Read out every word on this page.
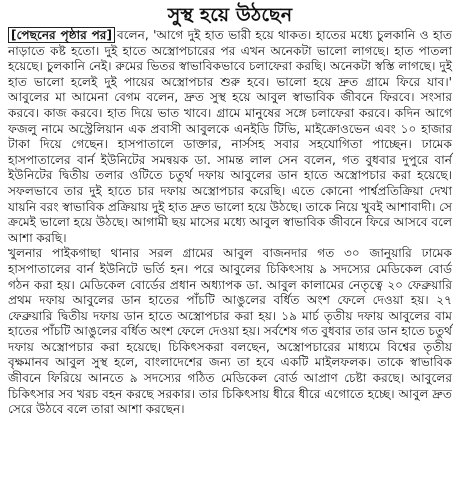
সুস্থ হয়ে উঠছেন

[পেছনের পৃষ্ঠার পর] বলেন, 'আগে দুই হাত ভারী হয়ে থাকত। হাতের মধ্যে চুলকানি ও হাত নাড়াতে কষ্ট হতো। দুই হাতে অস্ত্রোপচারের পর এখন অনেকটা ভালো লাগছে। হাত পাতলা হয়েছে। চুলকানি নেই। রুমের ভিতর স্বাভাবিকভাবে চলাফেরা করছি। অনেকটা স্বস্তি লাগছে। দুই হাত ভালো হলেই দুই পায়ের অস্ত্রোপচার শুরু হবে। ভালো হয়ে দ্রুত গ্রামে ফিরে যাব।' আবুলের মা আমেনা বেগম বলেন, দ্রুত সুস্থ হয়ে আবুল স্বাভাবিক জীবনে ফিরবে। সংসার করবে। কাজ করবে। হাত দিয়ে ভাত খাবে। গ্রামে মানুষের সঙ্গে চলাফেরা করবে। কদিন আগে ফজলু নামে অস্ট্রেলিয়ান এক প্রবাসী আবুলকে এনইডি টিভি, মাইক্রোওভেন এবং ১০ হাজার টাকা দিয়ে গেছেন। হাসপাতালে ডাক্তার, নার্সসহ সবার সহযোগিতা পাচ্ছেন। ঢামেক হাসপাতালের বার্ন ইউনিটের সমন্বয়ক ডা. সামন্ত লাল সেন বলেন, গত বুধবার দুপুরে বার্ন ইউনিটের দ্বিতীয় তলার ওটিতে চতুর্থ দফায় আবুলের ডান হাতে অস্ত্রোপচার করা হয়েছে। সফলভাবে তার দুই হাতে চার দফায় অস্ত্রোপচার করেছি। এতে কোনো পার্শ্বপ্রতিক্রিয়া দেখা যায়নি বরং স্বাভাবিক প্রক্রিয়ায় দুই হাত দ্রুত ভালো হয়ে উঠছে। তাকে নিয়ে খুবই আশাবাদী। সে ক্রমেই ভালো হয়ে উঠছে। আগামী ছয় মাসের মধ্যে আবুল স্বাভাবিক জীবনে ফিরে আসবে বলে আশা করছি।

খুলনার পাইকগাছা থানার সরল গ্রামের আবুল বাজনদার গত ৩০ জানুয়ারি ঢামেক হাসপাতালের বার্ন ইউনিটে ভর্তি হন। পরে আবুলের চিকিৎসায় ৯ সদস্যের মেডিকেল বোর্ড গঠন করা হয়। মেডিকেল বোর্ডের প্রধান অধ্যাপক ডা. আবুল কালামের নেতৃত্বে ২০ ফেব্রুয়ারি প্রথম দফায় আবুলের ডান হাতের পাঁচটি আঙুলের বর্ধিত অংশ ফেলে দেওয়া হয়। ২৭ ফেব্রুয়ারি দ্বিতীয় দফায় ডান হাতে অস্ত্রোপচার করা হয়। ১৯ মার্চ তৃতীয় দফায় আবুলের বাম হাতের পাঁচটি আঙুলের বর্ধিত অংশ ফেলে দেওয়া হয়। সর্বশেষ গত বুধবার তার ডান হাতে চতুর্থ দফায় অস্ত্রোপচার করা হয়েছে। চিকিৎসকরা বলছেন, অস্ত্রোপচারের মাধ্যমে বিশ্বের তৃতীয় বৃক্ষমানব আবুল সুস্থ হলে, বাংলাদেশের জন্য তা হবে একটি মাইলফলক। তাকে স্বাভাবিক জীবনে ফিরিয়ে আনতে ৯ সদস্যের গঠিত মেডিকেল বোর্ড আপ্রাণ চেষ্টা করছে। আবুলের চিকিৎসার সব খরচ বহন করছে সরকার। তার চিকিৎসায় ধীরে ধীরে এগোতে হচ্ছে। আবুল দ্রুত সেরে উঠবে বলে তারা আশা করছেন।
